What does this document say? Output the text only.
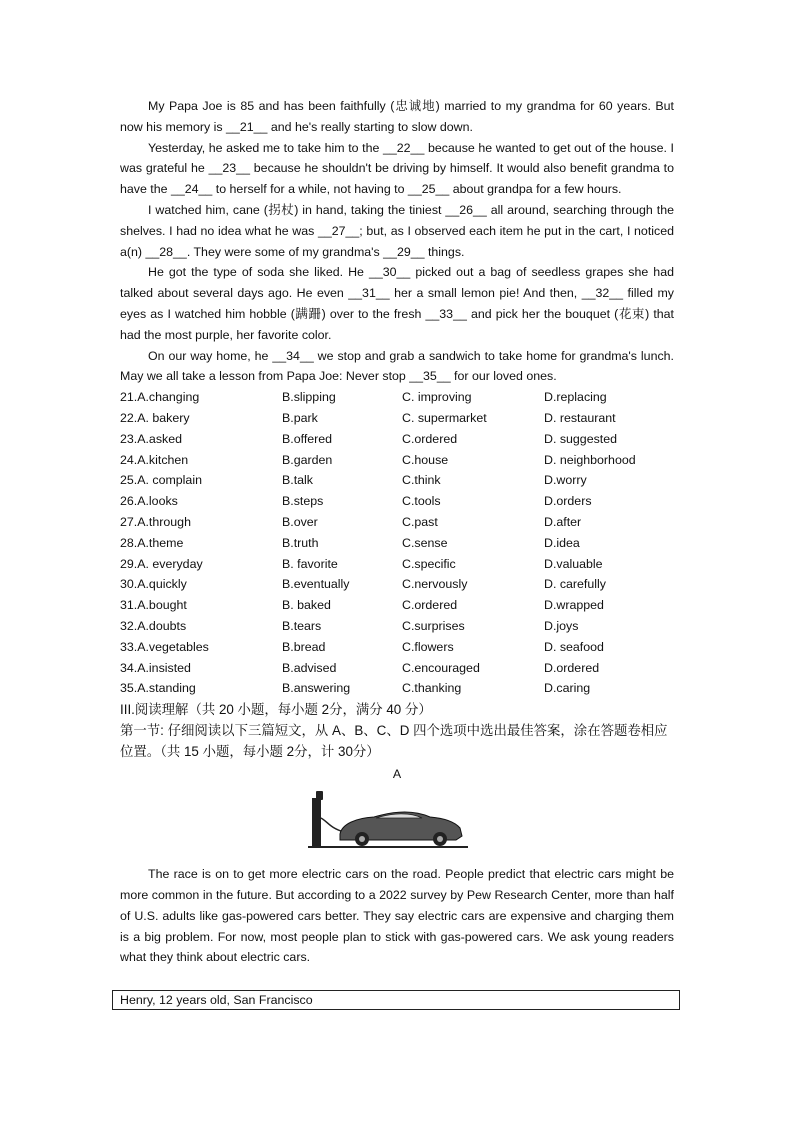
My Papa Joe is 85 and has been faithfully (忠诚地) married to my grandma for 60 years. But now his memory is __21__ and he's really starting to slow down.

Yesterday, he asked me to take him to the __22__ because he wanted to get out of the house. I was grateful he __23__ because he shouldn't be driving by himself. It would also benefit grandma to have the __24__ to herself for a while, not having to __25__ about grandpa for a few hours.

I watched him, cane (拐杖) in hand, taking the tiniest __26__ all around, searching through the shelves. I had no idea what he was __27__; but, as I observed each item he put in the cart, I noticed a(n) __28__. They were some of my grandma's __29__ things.

He got the type of soda she liked. He __30__ picked out a bag of seedless grapes she had talked about several days ago. He even __31__ her a small lemon pie! And then, __32__ filled my eyes as I watched him hobble (蹒跚) over to the fresh __33__ and pick her the bouquet (花束) that had the most purple, her favorite color.

On our way home, he __34__ we stop and grab a sandwich to take home for grandma's lunch. May we all take a lesson from Papa Joe: Never stop __35__ for our loved ones.

21.A.changing	B.slipping	C. improving	D.replacing
22.A. bakery	B.park	C. supermarket	D. restaurant
23.A.asked	B.offered	C.ordered	D. suggested
24.A.kitchen	B.garden	C.house	D. neighborhood
25.A. complain	B.talk	C.think	D.worry
26.A.looks	B.steps	C.tools	D.orders
27.A.through	B.over	C.past	D.after
28.A.theme	B.truth	C.sense	D.idea
29.A. everyday	B. favorite	C.specific	D.valuable
30.A.quickly	B.eventually	C.nervously	D. carefully
31.A.bought	B. baked	C.ordered	D.wrapped
32.A.doubts	B.tears	C.surprises	D.joys
33.A.vegetables	B.bread	C.flowers	D. seafood
34.A.insisted	B.advised	C.encouraged	D.ordered
35.A.standing	B.answering	C.thanking	D.caring

III.阅读理解（共 20 小题，每小题 2分，满分 40 分）

第一节: 仔细阅读以下三篇短文，从 A、B、C、D 四个选项中选出最佳答案，涂在答题卷相应位置。（共 15 小题，每小题 2分，计 30分）

A

The race is on to get more electric cars on the road. People predict that electric cars might be more common in the future. But according to a 2022 survey by Pew Research Center, more than half of U.S. adults like gas-powered cars better. They say electric cars are expensive and charging them is a big problem. For now, most people plan to stick with gas-powered cars. We ask young readers what they think about electric cars.

Henry, 12 years old, San Francisco
